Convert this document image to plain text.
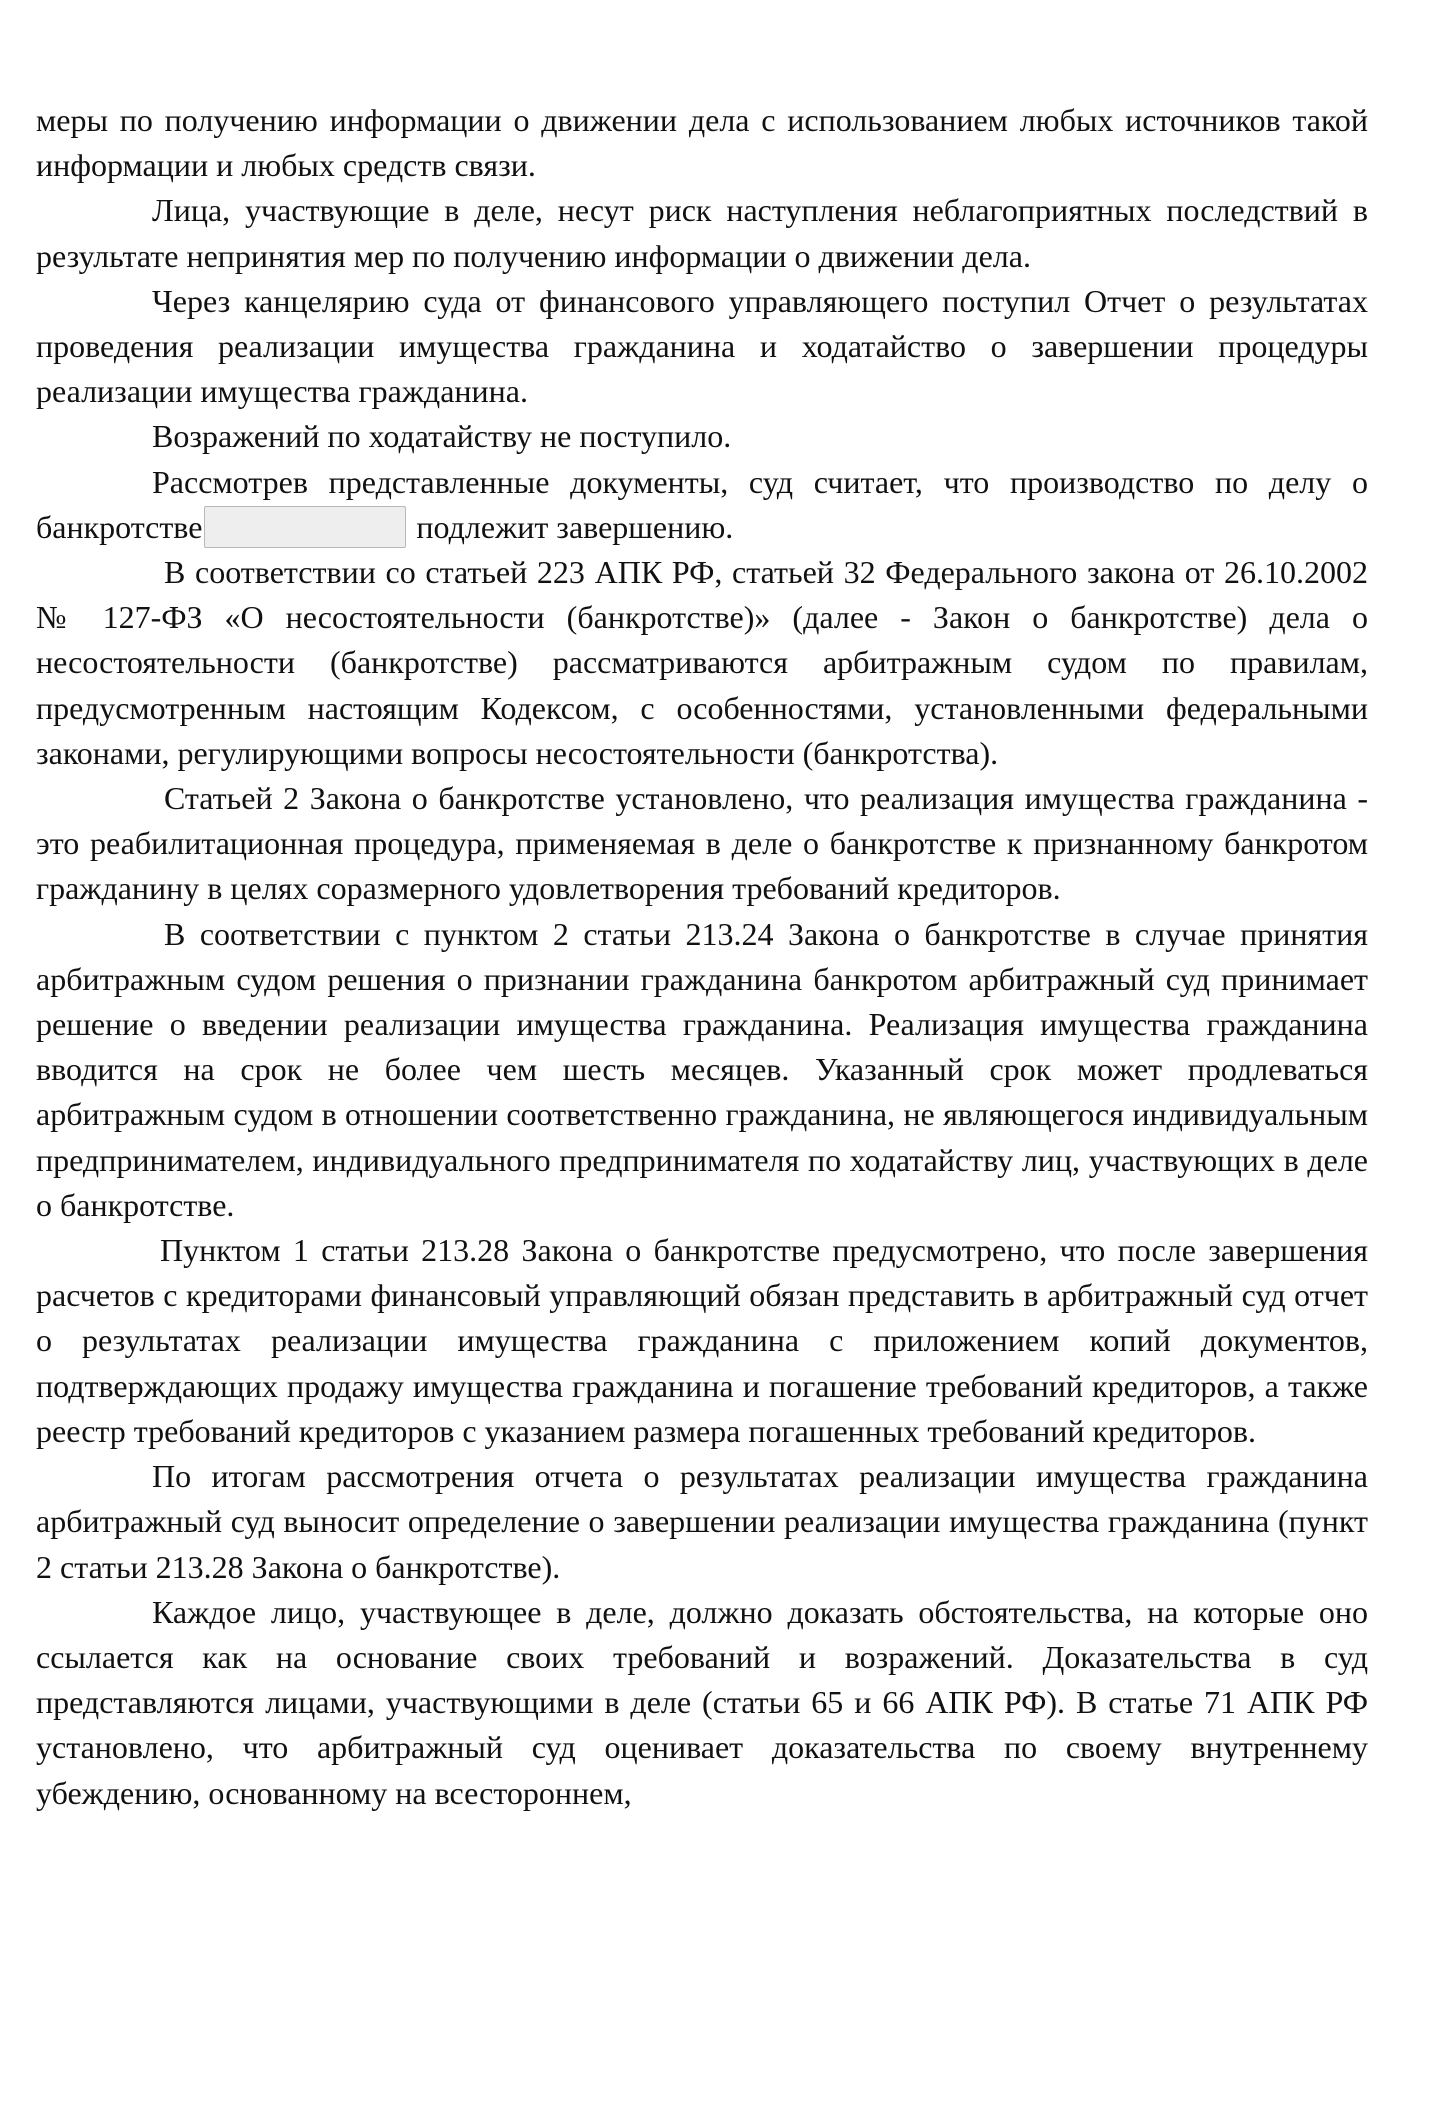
меры по получению информации о движении дела с использованием любых источников такой информации и любых средств связи.

Лица, участвующие в деле, несут риск наступления неблагоприятных последствий в результате непринятия мер по получению информации о движении дела.

Через канцелярию суда от финансового управляющего поступил Отчет о результатах проведения реализации имущества гражданина и ходатайство о завершении процедуры реализации имущества гражданина.

Возражений по ходатайству не поступило.

Рассмотрев представленные документы, суд считает, что производство по делу о банкротстве	подлежит завершению.

В соответствии со статьей 223 АПК РФ, статьей 32 Федерального закона от 26.10.2002 № 127-ФЗ «О несостоятельности (банкротстве)» (далее - Закон о банкротстве) дела о несостоятельности (банкротстве) рассматриваются арбитражным судом по правилам, предусмотренным настоящим Кодексом, с особенностями, установленными федеральными законами, регулирующими вопросы несостоятельности (банкротства).

Статьей 2 Закона о банкротстве установлено, что реализация имущества гражданина - это реабилитационная процедура, применяемая в деле о банкротстве к признанному банкротом гражданину в целях соразмерного удовлетворения требований кредиторов.

В соответствии с пунктом 2 статьи 213.24 Закона о банкротстве в случае принятия арбитражным судом решения о признании гражданина банкротом арбитражный суд принимает решение о введении реализации имущества гражданина. Реализация имущества гражданина вводится на срок не более чем шесть месяцев. Указанный срок может продлеваться арбитражным судом в отношении соответственно гражданина, не являющегося индивидуальным предпринимателем, индивидуального предпринимателя по ходатайству лиц, участвующих в деле о банкротстве.

Пунктом 1 статьи 213.28 Закона о банкротстве предусмотрено, что после завершения расчетов с кредиторами финансовый управляющий обязан представить в арбитражный суд отчет о результатах реализации имущества гражданина с приложением копий документов, подтверждающих продажу имущества гражданина и погашение требований кредиторов, а также реестр требований кредиторов с указанием размера погашенных требований кредиторов.

По итогам рассмотрения отчета о результатах реализации имущества гражданина арбитражный суд выносит определение о завершении реализации имущества гражданина (пункт 2 статьи 213.28 Закона о банкротстве).

Каждое лицо, участвующее в деле, должно доказать обстоятельства, на которые оно ссылается как на основание своих требований и возражений. Доказательства в суд представляются лицами, участвующими в деле (статьи 65 и 66 АПК РФ). В статье 71 АПК РФ установлено, что арбитражный суд оценивает доказательства по своему внутреннему убеждению, основанному на всестороннем,
